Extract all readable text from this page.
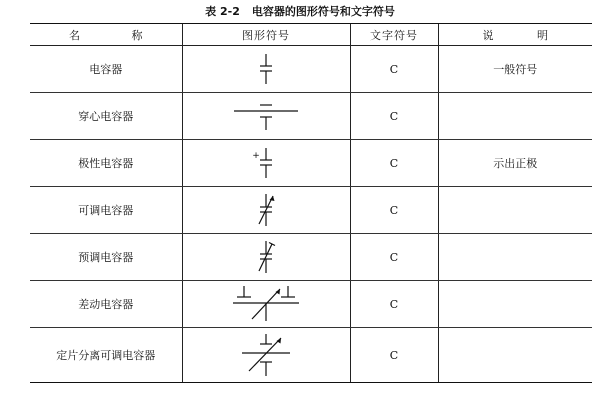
表 2-2 电容器的图形符号和文字符号
名 称	图形符号	文字符号	说 明
电容器		C	一般符号
穿心电容器		C	
极性电容器	+	C	示出正极
可调电容器		C	
预调电容器		C	
差动电容器		C	
定片分离可调电容器		C	
